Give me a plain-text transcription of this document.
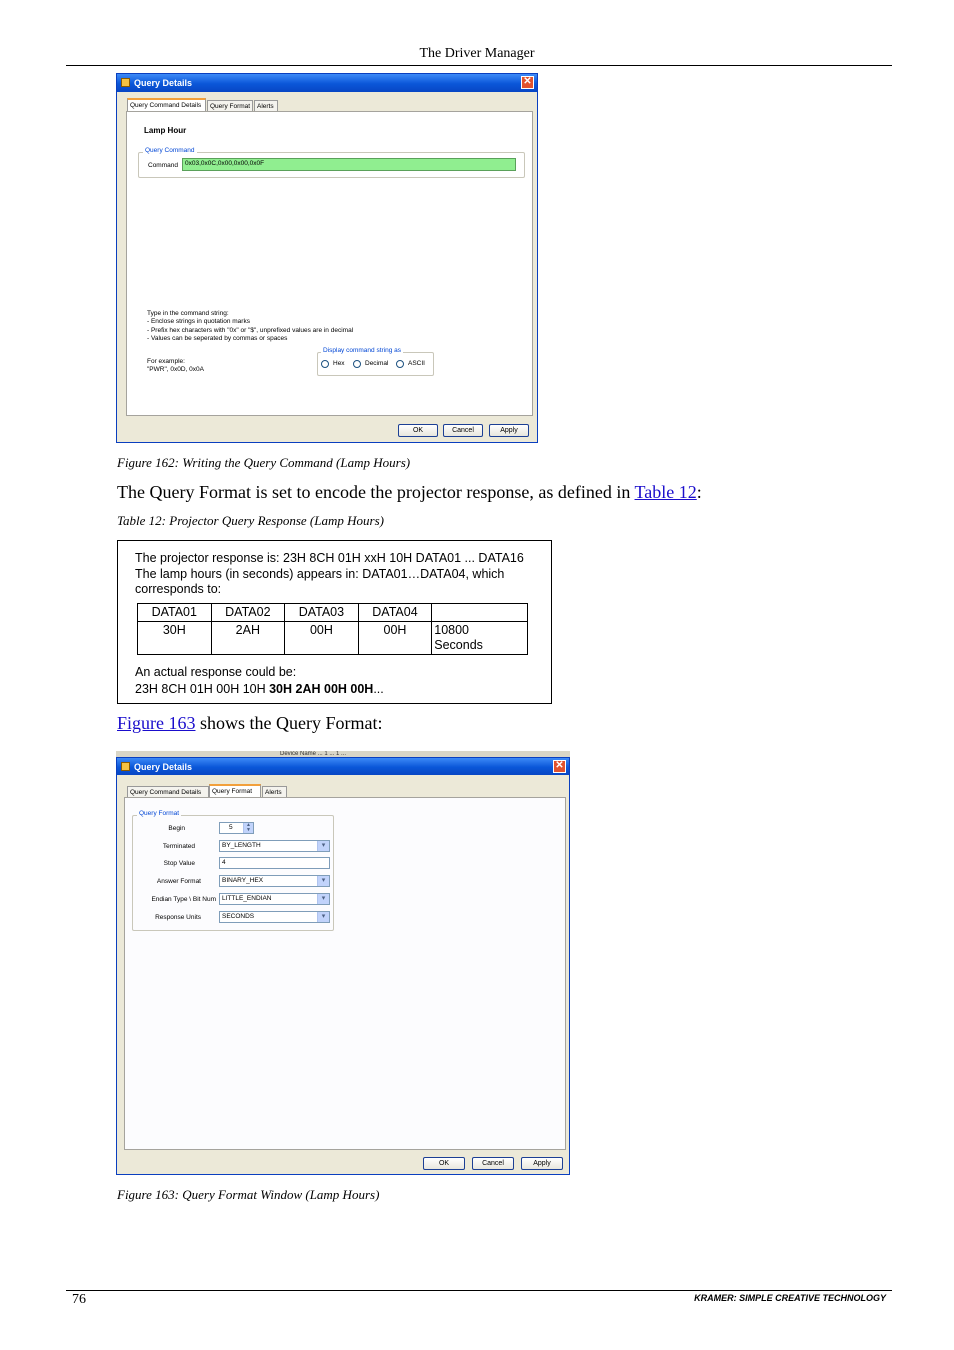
The Driver Manager
Query Details	✕
Query Command Details	Query Format	Alerts
Lamp Hour
Query Command
Command	0x03,0x0C,0x00,0x00,0x0F
Type in the command string:
- Enclose strings in quotation marks
- Prefix hex characters with "0x" or "$", unprefixed values are in decimal
- Values can be seperated by commas or spaces
For example:
"PWR", 0x0D, 0x0A
Display command string as
Hex	Decimal	ASCII
OK	Cancel	Apply
Figure 162: Writing the Query Command (Lamp Hours)
The Query Format is set to encode the projector response, as defined in Table 12:
Table 12: Projector Query Response (Lamp Hours)
The projector response is: 23H 8CH 01H xxH 10H DATA01 ... DATA16
The lamp hours (in seconds) appears in: DATA01…DATA04, which
corresponds to:
DATA01	DATA02	DATA03	DATA04	
30H	2AH	00H	00H	10800
Seconds
An actual response could be:
23H 8CH 01H 00H 10H 30H 2AH 00H 00H...
Figure 163 shows the Query Format:
Device Name ... 1 ... 1 ...
Query Details	✕
Query Command Details	Query Format	Alerts
Query Format
Begin	5	▲
▼
Terminated	BY_LENGTH	▾
Stop Value	4
Answer Format	BINARY_HEX	▾
Endian Type \ Bit Num LITTLE_ENDIAN	▾
Response Units	SECONDS	▾
OK	Cancel	Apply
Figure 163: Query Format Window (Lamp Hours)
76	KRAMER: SIMPLE CREATIVE TECHNOLOGY
